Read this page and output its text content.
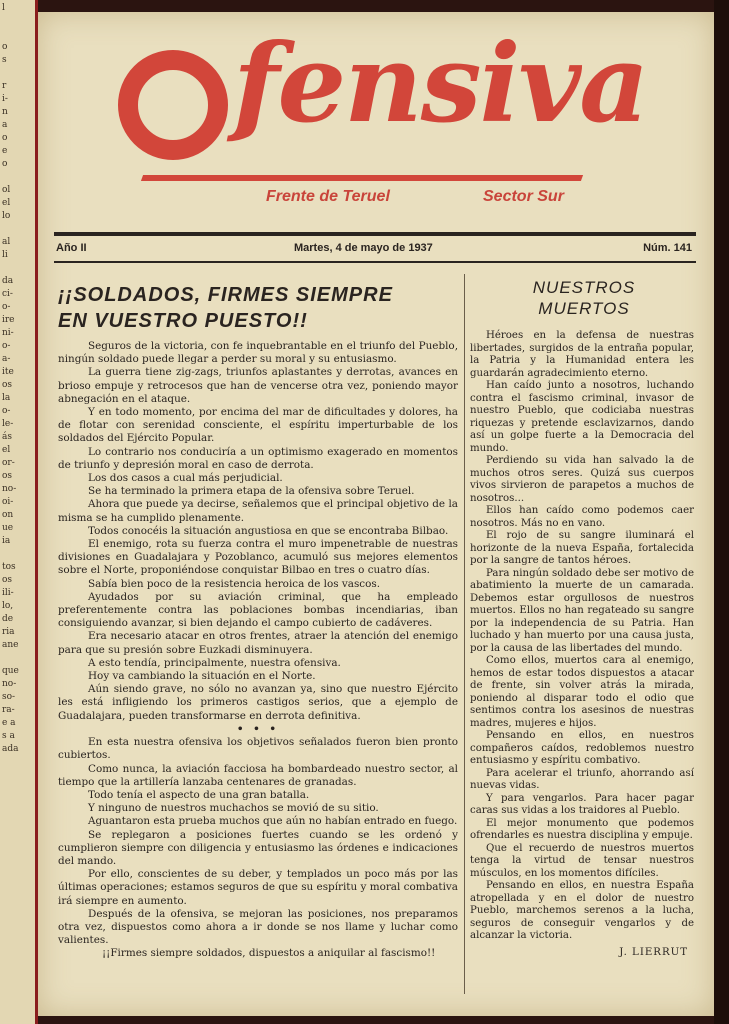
l
o
s
r
i-
n
a
o
e
o
ol
el
lo
al
li
da
ci-
o-
ire
ni-
o-
a-
ite
os
la
o-
le-
ás
el
or-
os
no-
oi-
on
ue
ia
tos
os
ili-
lo,
de
ria
ane
que
no-
so-
ra-
e a
s a
ada
fensiva
Frente de Teruel	Sector Sur
Año II	Martes, 4 de mayo de 1937	Núm. 141
¡¡SOLDADOS, FIRMES SIEMPRE
EN VUESTRO PUESTO!!

Seguros de la victoria, con fe inquebrantable en el triunfo del Pueblo, ningún soldado puede llegar a perder su moral y su entusiasmo.

La guerra tiene zig-zags, triunfos aplastantes y derrotas, avances en brioso empuje y retrocesos que han de vencerse otra vez, poniendo mayor abnegación en el ataque.

Y en todo momento, por encima del mar de dificultades y dolores, ha de flotar con serenidad consciente, el espíritu imperturbable de los soldados del Ejército Popular.

Lo contrario nos conduciría a un optimismo exagerado en momentos de triunfo y depresión moral en caso de derrota.

Los dos casos a cual más perjudicial.

Se ha terminado la primera etapa de la ofensiva sobre Teruel.

Ahora que puede ya decirse, señalemos que el principal objetivo de la misma se ha cumplido plenamente.

Todos conocéis la situación angustiosa en que se encontraba Bilbao.

El enemigo, rota su fuerza contra el muro impenetrable de nuestras divisiones en Guadalajara y Pozoblanco, acumuló sus mejores elementos sobre el Norte, proponiéndose conquistar Bilbao en tres o cuatro días.

Sabía bien poco de la resistencia heroica de los vascos.

Ayudados por su aviación criminal, que ha empleado preferentemente contra las poblaciones bombas incendiarias, iban consiguiendo avanzar, si bien dejando el campo cubierto de cadáveres.

Era necesario atacar en otros frentes, atraer la atención del enemigo para que su presión sobre Euzkadi disminuyera.

A esto tendía, principalmente, nuestra ofensiva.

Hoy va cambiando la situación en el Norte.

Aún siendo grave, no sólo no avanzan ya, sino que nuestro Ejército les está infligiendo los primeros castigos serios, que a ejemplo de Guadalajara, pueden transformarse en derrota definitiva.

• • •

En esta nuestra ofensiva los objetivos señalados fueron bien pronto cubiertos.

Como nunca, la aviación facciosa ha bombardeado nuestro sector, al tiempo que la artillería lanzaba centenares de granadas.

Todo tenía el aspecto de una gran batalla.

Y ninguno de nuestros muchachos se movió de su sitio.

Aguantaron esta prueba muchos que aún no habían entrado en fuego.

Se replegaron a posiciones fuertes cuando se les ordenó y cumplieron siempre con diligencia y entusiasmo las órdenes e indicaciones del mando.

Por ello, conscientes de su deber, y templados un poco más por las últimas operaciones; estamos seguros de que su espíritu y moral combativa irá siempre en aumento.

Después de la ofensiva, se mejoran las posiciones, nos preparamos otra vez, dispuestos como ahora a ir donde se nos llame y luchar como valientes.

¡¡Firmes siempre soldados, dispuestos a aniquilar al fascismo!!

NUESTROS
MUERTOS

Héroes en la defensa de nuestras libertades, surgidos de la entraña popular, la Patria y la Humanidad entera les guardarán agradecimiento eterno.

Han caído junto a nosotros, luchando contra el fascismo criminal, invasor de nuestro Pueblo, que codiciaba nuestras riquezas y pretende esclavizarnos, dando así un golpe fuerte a la Democracia del mundo.

Perdiendo su vida han salvado la de muchos otros seres. Quizá sus cuerpos vivos sirvieron de parapetos a muchos de nosotros...

Ellos han caído como podemos caer nosotros. Más no en vano.

El rojo de su sangre iluminará el horizonte de la nueva España, fortalecida por la sangre de tantos héroes.

Para ningún soldado debe ser motivo de abatimiento la muerte de un camarada. Debemos estar orgullosos de nuestros muertos. Ellos no han regateado su sangre por la independencia de su Patria. Han luchado y han muerto por una causa justa, por la causa de las libertades del mundo.

Como ellos, muertos cara al enemigo, hemos de estar todos dispuestos a atacar de frente, sin volver atrás la mirada, poniendo al disparar todo el odio que sentimos contra los asesinos de nuestras madres, mujeres e hijos.

Pensando en ellos, en nuestros compañeros caídos, redoblemos nuestro entusiasmo y espíritu combativo.

Para acelerar el triunfo, ahorrando así nuevas vidas.

Y para vengarlos. Para hacer pagar caras sus vidas a los traidores al Pueblo.

El mejor monumento que podemos ofrendarles es nuestra disciplina y empuje.

Que el recuerdo de nuestros muertos tenga la virtud de tensar nuestros músculos, en los momentos difíciles.

Pensando en ellos, en nuestra España atropellada y en el dolor de nuestro Pueblo, marchemos serenos a la lucha, seguros de conseguir vengarlos y de alcanzar la victoria.

J. LIERRUT
